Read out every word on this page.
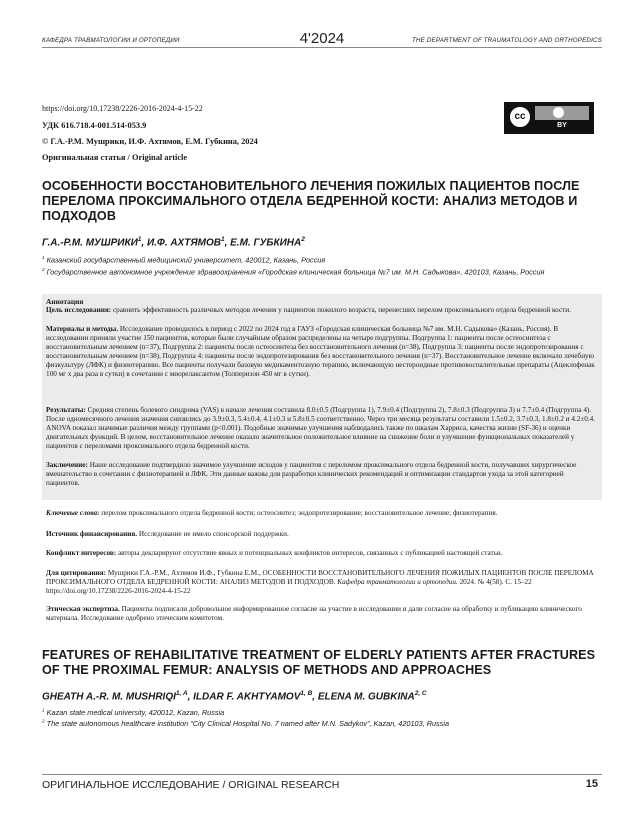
КАФЕДРА ТРАВМАТОЛОГИИ И ОРТОПЕДИИ	4'2024	THE DEPARTMENT OF TRAUMATOLOGY AND ORTHOPEDICS
https://doi.org/10.17238/2226-2016-2024-4-15-22
УДК 616.718.4-001.514-053.9
© Г.А.-Р.М. Мушрики, И.Ф. Ахтямов, Е.М. Губкина, 2024
Оригинальная статья / Original article
cc
BY
ОСОБЕННОСТИ ВОССТАНОВИТЕЛЬНОГО ЛЕЧЕНИЯ ПОЖИЛЫХ ПАЦИЕНТОВ ПОСЛЕ ПЕРЕЛОМА ПРОКСИМАЛЬНОГО ОТДЕЛА БЕДРЕННОЙ КОСТИ: АНАЛИЗ МЕТОДОВ И ПОДХОДОВ
Г.А.-Р.М. МУШРИКИ$^1$, И.Ф. АХТЯМОВ$^1$, Е.М. ГУБКИНА$^2$
$^1$ Казанский государственный медицинский университет, 420012, Казань, Россия
$^2$ Государственное автономное учреждение здравоохранения «Городская клиническая больница №7 им. М.Н. Садыкова», 420103, Казань, Россия
Аннотация
Цель исследования: сравнить эффективность различных методов лечения у пациентов пожилого возраста, перенесших перелом проксимального отдела бедренной кости.
Материалы и методы. Исследование проводилось в период с 2022 по 2024 год в ГАУЗ «Городская клиническая больница №7 им. М.Н. Садыкова» (Казань, Россия). В исследовании приняли участие 150 пациентов, которые были случайным образом распределены на четыре подгруппы. Подгруппа 1: пациенты после остеосинтеза с восстановительным лечением (n=37), Подгруппа 2: пациенты после остеосинтеза без восстановительного лечения (n=38), Подгруппа 3: пациенты после эндопротезирования с восстановительным лечением (n=38), Подгруппа 4: пациенты после эндопротезирования без восстановительного лечения (n=37). Восстановительное лечение включало лечебную физкультуру (ЛФК) и физиотерапию. Все пациенты получали базовую медикаментозную терапию, включающую нестероидные противовоспалительные препараты (Ацеклофенак 100 мг х два раза в сутки) в сочетании с миорелаксантом (Толперизон 450 мг в сутки).
Результаты: Средняя степень болевого синдрома (VAS) в начале лечения составила 8.0±0.5 (Подгруппа 1), 7.9±0.4 (Подгруппа 2), 7.8±0.3 (Подгруппа 3) и 7.7±0.4 (Подгруппа 4). После одномесячного лечения значения снизились до 3.9±0.3, 5.4±0.4, 4.1±0.3 и 5.8±0.5 соответственно. Через три месяца результаты составили 1.5±0.2, 3.7±0.3, 1.8±0.2 и 4.2±0.4. ANOVA показал значимые различия между группами (p<0.001). Подобные значимые улучшения наблюдались также по шкалам Харриса, качества жизни (SF-36) и оценки двигательных функций. В целом, восстановительное лечение оказало значительное положительное влияние на снижение боли и улучшение функциональных показателей у пациентов с переломами проксимального отдела бедренной кости.
Заключение: Наше исследование подтвердило значимое улучшение исходов у пациентов с переломом проксимального отдела бедренной кости, получавших хирургическое вмешательство в сочетании с физиотерапией и ЛФК. Эти данные важны для разработки клинических рекомендаций и оптимизации стандартов ухода за этой категорией пациентов.
Ключевые слова: перелом проксимального отдела бедренной кости; остеосинтез; эндопротезирование; восстановительное лечение; физиотерапия.
Источник финансирования. Исследование не имело спонсорской поддержки.
Конфликт интересов: авторы декларируют отсутствие явных и потенциальных конфликтов интересов, связанных с публикацией настоящей статьи.
Для цитирования: Мушрики Г.А.-Р.М., Ахтямов И.Ф., Губкина Е.М., ОСОБЕННОСТИ ВОССТАНОВИТЕЛЬНОГО ЛЕЧЕНИЯ ПОЖИЛЫХ ПАЦИЕНТОВ ПОСЛЕ ПЕРЕЛОМА ПРОКСИМАЛЬНОГО ОТДЕЛА БЕДРЕННОЙ КОСТИ: АНАЛИЗ МЕТОДОВ И ПОДХОДОВ. Кафедра травматологии и ортопедии. 2024. № 4(58). С. 15–22 https://doi.org/10.17238/2226-2016-2024-4-15-22
Этическая экспертиза. Пациенты подписали добровольное информированное согласие на участие в исследовании и дали согласие на обработку и публикацию клинического материала. Исследование одобрено этическим комитетом.
FEATURES OF REHABILITATIVE TREATMENT OF ELDERLY PATIENTS AFTER FRACTURES OF THE PROXIMAL FEMUR: ANALYSIS OF METHODS AND APPROACHES
GHEATH A.-R. M. $MUSHRIQI^{1, A}$, ILDAR F. $AKHTYAMOV^{1, B}$, ELENA M. $GUBKINA^{2, C}$
$^1$ Kazan state medical university, 420012, Kazan, Russia
$^2$ The state autonomous healthcare institution “City Clinical Hospital No. 7 named after M.N. Sadykov”, Kazan, 420103, Russia
ОРИГИНАЛЬНОЕ ИССЛЕДОВАНИЕ / ORIGINAL RESEARCH	15
